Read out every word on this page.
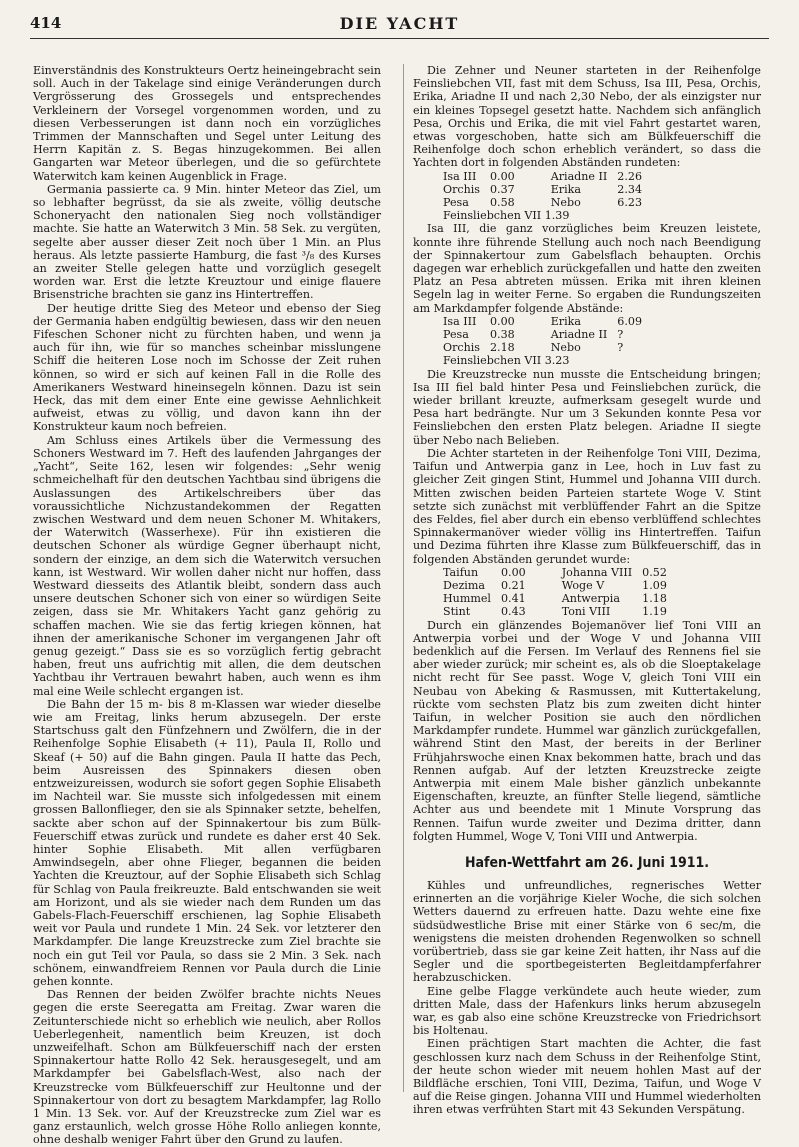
414	DIE YACHT

Einverständnis des Konstrukteurs Oertz heineingebracht sein soll. Auch in der Takelage sind einige Veränderungen durch Vergrösserung des Grossegels und entsprechendes Verkleinern der Vorsegel vorgenommen worden, und zu diesen Verbesserungen ist dann noch ein vorzügliches Trimmen der Mannschaften und Segel unter Leitung des Herrn Kapitän z. S. Begas hinzugekommen. Bei allen Gangarten war Meteor überlegen, und die so gefürchtete Waterwitch kam keinen Augenblick in Frage.

Germania passierte ca. 9 Min. hinter Meteor das Ziel, um so lebhafter begrüsst, da sie als zweite, völlig deutsche Schoneryacht den nationalen Sieg noch vollständiger machte. Sie hatte an Waterwitch 3 Min. 58 Sek. zu vergüten, segelte aber ausser dieser Zeit noch über 1 Min. an Plus heraus. Als letzte passierte Hamburg, die fast ³/₈ des Kurses an zweiter Stelle gelegen hatte und vorzüglich gesegelt worden war. Erst die letzte Kreuztour und einige flauere Brisenstriche brachten sie ganz ins Hintertreffen.

Der heutige dritte Sieg des Meteor und ebenso der Sieg der Germania haben endgültig bewiesen, dass wir den neuen Fifeschen Schoner nicht zu fürchten haben, und wenn ja auch für ihn, wie für so manches scheinbar misslungene Schiff die heiteren Lose noch im Schosse der Zeit ruhen können, so wird er sich auf keinen Fall in die Rolle des Amerikaners Westward hineinsegeln können. Dazu ist sein Heck, das mit dem einer Ente eine gewisse Aehnlichkeit aufweist, etwas zu völlig, und davon kann ihn der Konstrukteur kaum noch befreien.

Am Schluss eines Artikels über die Vermessung des Schoners Westward im 7. Heft des laufenden Jahrganges der „Yacht“, Seite 162, lesen wir folgendes: „Sehr wenig schmeichelhaft für den deutschen Yachtbau sind übrigens die Auslassungen des Artikelschreibers über das voraussichtliche Nichzustandekommen der Regatten zwischen Westward und dem neuen Schoner M. Whitakers, der Waterwitch (Wasserhexe). Für ihn existieren die deutschen Schoner als würdige Gegner überhaupt nicht, sondern der einzige, an dem sich die Waterwitch versuchen kann, ist Westward. Wir wollen daher nicht nur hoffen, dass Westward diesseits des Atlantik bleibt, sondern dass auch unsere deutschen Schoner sich von einer so würdigen Seite zeigen, dass sie Mr. Whitakers Yacht ganz gehörig zu schaffen machen. Wie sie das fertig kriegen können, hat ihnen der amerikanische Schoner im vergangenen Jahr oft genug gezeigt.“ Dass sie es so vorzüglich fertig gebracht haben, freut uns aufrichtig mit allen, die dem deutschen Yachtbau ihr Vertrauen bewahrt haben, auch wenn es ihm mal eine Weile schlecht ergangen ist.

Die Bahn der 15 m- bis 8 m-Klassen war wieder dieselbe wie am Freitag, links herum abzusegeln. Der erste Startschuss galt den Fünfzehnern und Zwölfern, die in der Reihenfolge Sophie Elisabeth (+ 11), Paula II, Rollo und Skeaf (+ 50) auf die Bahn gingen. Paula II hatte das Pech, beim Ausreissen des Spinnakers diesen oben entzweizureissen, wodurch sie sofort gegen Sophie Elisabeth im Nachteil war. Sie musste sich infolgedessen mit einem grossen Ballonflieger, den sie als Spinnaker setzte, behelfen, sackte aber schon auf der Spinnakertour bis zum Bülk-Feuerschiff etwas zurück und rundete es daher erst 40 Sek. hinter Sophie Elisabeth. Mit allen verfügbaren Amwindsegeln, aber ohne Flieger, begannen die beiden Yachten die Kreuztour, auf der Sophie Elisabeth sich Schlag für Schlag von Paula freikreuzte. Bald entschwanden sie weit am Horizont, und als sie wieder nach dem Runden um das Gabels-Flach-Feuerschiff erschienen, lag Sophie Elisabeth weit vor Paula und rundete 1 Min. 24 Sek. vor letzterer den Markdampfer. Die lange Kreuzstrecke zum Ziel brachte sie noch ein gut Teil vor Paula, so dass sie 2 Min. 3 Sek. nach schönem, einwandfreiem Rennen vor Paula durch die Linie gehen konnte.

Das Rennen der beiden Zwölfer brachte nichts Neues gegen die erste Seeregatta am Freitag. Zwar waren die Zeitunterschiede nicht so erheblich wie neulich, aber Rollos Ueberlegenheit, namentlich beim Kreuzen, ist doch unzweifelhaft. Schon am Bülkfeuerschiff nach der ersten Spinnakertour hatte Rollo 42 Sek. herausgesegelt, und am Markdampfer bei Gabelsflach-West, also nach der Kreuzstrecke vom Bülkfeuerschiff zur Heultonne und der Spinnakertour von dort zu besagtem Markdampfer, lag Rollo 1 Min. 13 Sek. vor. Auf der Kreuzstrecke zum Ziel war es ganz erstaunlich, welch grosse Höhe Rollo anliegen konnte, ohne deshalb weniger Fahrt über den Grund zu laufen.

Die Zehner und Neuner starteten in der Reihenfolge Feinsliebchen VII, fast mit dem Schuss, Isa III, Pesa, Orchis, Erika, Ariadne II und nach 2,30 Nebo, der als einzigster nur ein kleines Topsegel gesetzt hatte. Nachdem sich anfänglich Pesa, Orchis und Erika, die mit viel Fahrt gestartet waren, etwas vorgeschoben, hatte sich am Bülkfeuerschiff die Reihenfolge doch schon erheblich verändert, so dass die Yachten dort in folgenden Abständen rundeten:

Isa III	0.00	Ariadne II	2.26
Orchis	0.37	Erika	2.34
Pesa	0.58	Nebo	6.23
Feinsliebchen VII 1.39

Isa III, die ganz vorzügliches beim Kreuzen leistete, konnte ihre führende Stellung auch noch nach Beendigung der Spinnakertour zum Gabelsflach behaupten. Orchis dagegen war erheblich zurückgefallen und hatte den zweiten Platz an Pesa abtreten müssen. Erika mit ihren kleinen Segeln lag in weiter Ferne. So ergaben die Rundungszeiten am Markdampfer folgende Abstände:

Isa III	0.00	Erika	6.09
Pesa	0.38	Ariadne II	?
Orchis	2.18	Nebo	?
Feinsliebchen VII 3.23

Die Kreuzstrecke nun musste die Entscheidung bringen; Isa III fiel bald hinter Pesa und Feinsliebchen zurück, die wieder brillant kreuzte, aufmerksam gesegelt wurde und Pesa hart bedrängte. Nur um 3 Sekunden konnte Pesa vor Feinsliebchen den ersten Platz belegen. Ariadne II siegte über Nebo nach Belieben.

Die Achter starteten in der Reihenfolge Toni VIII, Dezima, Taifun und Antwerpia ganz in Lee, hoch in Luv fast zu gleicher Zeit gingen Stint, Hummel und Johanna VIII durch. Mitten zwischen beiden Parteien startete Woge V. Stint setzte sich zunächst mit verblüffender Fahrt an die Spitze des Feldes, fiel aber durch ein ebenso verblüffend schlechtes Spinnakermanöver wieder völlig ins Hintertreffen. Taifun und Dezima führten ihre Klasse zum Bülkfeuerschiff, das in folgenden Abständen gerundet wurde:

Taifun	0.00	Johanna VIII	0.52
Dezima	0.21	Woge V	1.09
Hummel	0.41	Antwerpia	1.18
Stint	0.43	Toni VIII	1.19

Durch ein glänzendes Bojemanöver lief Toni VIII an Antwerpia vorbei und der Woge V und Johanna VIII bedenklich auf die Fersen. Im Verlauf des Rennens fiel sie aber wieder zurück; mir scheint es, als ob die Sloeptakelage nicht recht für See passt. Woge V, gleich Toni VIII ein Neubau von Abeking & Rasmussen, mit Kuttertakelung, rückte vom sechsten Platz bis zum zweiten dicht hinter Taifun, in welcher Position sie auch den nördlichen Markdampfer rundete. Hummel war gänzlich zurückgefallen, während Stint den Mast, der bereits in der Berliner Frühjahrswoche einen Knax bekommen hatte, brach und das Rennen aufgab. Auf der letzten Kreuzstrecke zeigte Antwerpia mit einem Male bisher gänzlich unbekannte Eigenschaften, kreuzte, an fünfter Stelle liegend, sämtliche Achter aus und beendete mit 1 Minute Vorsprung das Rennen. Taifun wurde zweiter und Dezima dritter, dann folgten Hummel, Woge V, Toni VIII und Antwerpia.

Hafen-Wettfahrt am 26. Juni 1911.

Kühles und unfreundliches, regnerisches Wetter erinnerten an die vorjährige Kieler Woche, die sich solchen Wetters dauernd zu erfreuen hatte. Dazu wehte eine fixe südsüdwestliche Brise mit einer Stärke von 6 sec/m, die wenigstens die meisten drohenden Regenwolken so schnell vorübertrieb, dass sie gar keine Zeit hatten, ihr Nass auf die Segler und die sportbegeisterten Begleitdampferfahrer herabzuschicken.

Eine gelbe Flagge verkündete auch heute wieder, zum dritten Male, dass der Hafenkurs links herum abzusegeln war, es gab also eine schöne Kreuzstrecke von Friedrichsort bis Holtenau.

Einen prächtigen Start machten die Achter, die fast geschlossen kurz nach dem Schuss in der Reihenfolge Stint, der heute schon wieder mit neuem hohlen Mast auf der Bildfläche erschien, Toni VIII, Dezima, Taifun, und Woge V auf die Reise gingen. Johanna VIII und Hummel wiederholten ihren etwas verfrühten Start mit 43 Sekunden Verspätung.
